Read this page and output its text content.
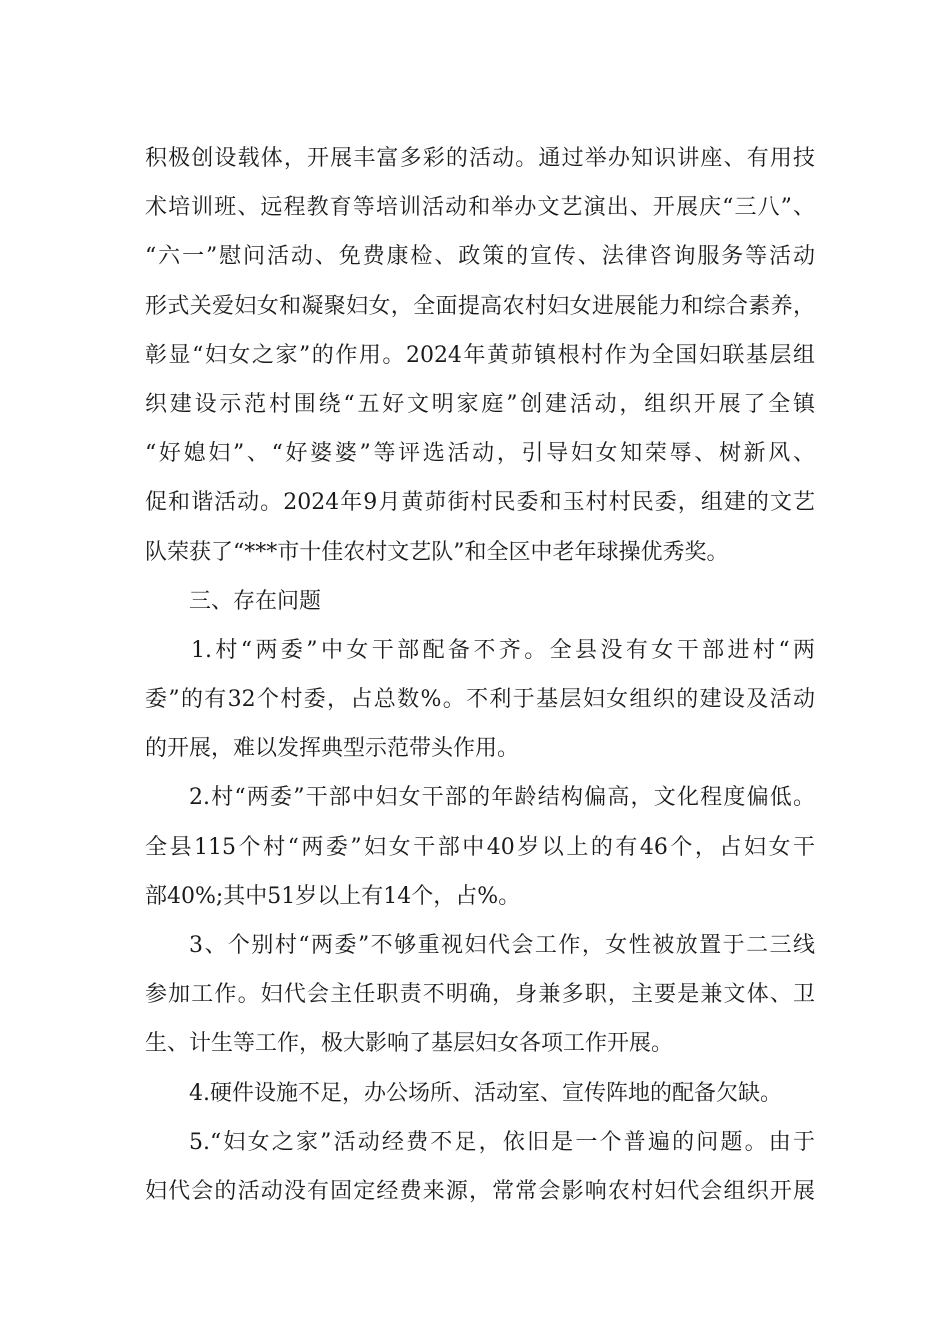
积极创设载体，开展丰富多彩的活动。通过举办知识讲座、有用技
术培训班、远程教育等培训活动和举办文艺演出、开展庆“三八”、
“六一”慰问活动、免费康检、政策的宣传、法律咨询服务等活动
形式关爱妇女和凝聚妇女，全面提高农村妇女进展能力和综合素养，
彰显“妇女之家”的作用。2024年黄茆镇根村作为全国妇联基层组
织建设示范村围绕“五好文明家庭”创建活动，组织开展了全镇
“好媳妇”、“好婆婆”等评选活动，引导妇女知荣辱、树新风、
促和谐活动。2024年9月黄茆街村民委和玉村村民委，组建的文艺
队荣获了“***市十佳农村文艺队”和全区中老年球操优秀奖。
三、存在问题
1.村“两委”中女干部配备不齐。全县没有女干部进村“两
委”的有32个村委，占总数%。不利于基层妇女组织的建设及活动
的开展，难以发挥典型示范带头作用。
2.村“两委”干部中妇女干部的年龄结构偏高，文化程度偏低。
全县115个村“两委”妇女干部中40岁以上的有46个，占妇女干
部40%;其中51岁以上有14个，占%。
3、个别村“两委”不够重视妇代会工作，女性被放置于二三线
参加工作。妇代会主任职责不明确，身兼多职，主要是兼文体、卫
生、计生等工作，极大影响了基层妇女各项工作开展。
4.硬件设施不足，办公场所、活动室、宣传阵地的配备欠缺。
5.“妇女之家”活动经费不足，依旧是一个普遍的问题。由于
妇代会的活动没有固定经费来源，常常会影响农村妇代会组织开展
